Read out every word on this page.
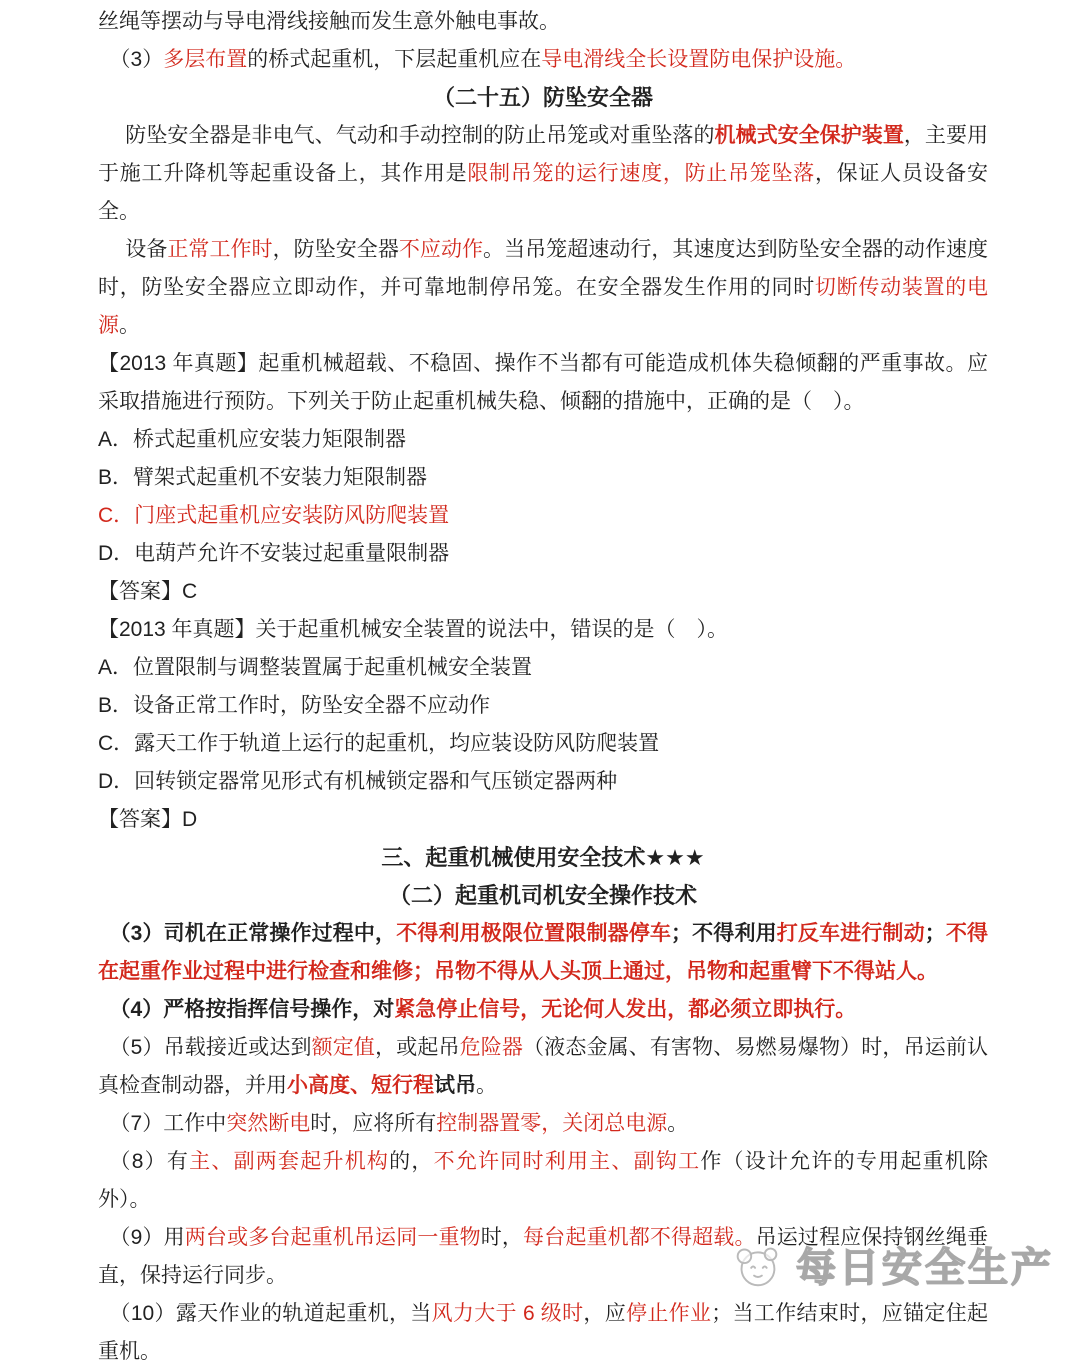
丝绳等摆动与导电滑线接触而发生意外触电事故。
（3）多层布置的桥式起重机，下层起重机应在导电滑线全长设置防电保护设施。
（二十五）防坠安全器
防坠安全器是非电气、气动和手动控制的防止吊笼或对重坠落的机械式安全保护装置，主要用于施工升降机等起重设备上，其作用是限制吊笼的运行速度，防止吊笼坠落，保证人员设备安全。
设备正常工作时，防坠安全器不应动作。当吊笼超速动行，其速度达到防坠安全器的动作速度时，防坠安全器应立即动作，并可靠地制停吊笼。在安全器发生作用的同时切断传动装置的电源。
【2013 年真题】起重机械超载、不稳固、操作不当都有可能造成机体失稳倾翻的严重事故。应采取措施进行预防。下列关于防止起重机械失稳、倾翻的措施中，正确的是（　）。
A．桥式起重机应安装力矩限制器
B．臂架式起重机不安装力矩限制器
C．门座式起重机应安装防风防爬装置
D．电葫芦允许不安装过起重量限制器
【答案】C
【2013 年真题】关于起重机械安全装置的说法中，错误的是（　）。
A．位置限制与调整装置属于起重机械安全装置
B．设备正常工作时，防坠安全器不应动作
C．露天工作于轨道上运行的起重机，均应装设防风防爬装置
D．回转锁定器常见形式有机械锁定器和气压锁定器两种
【答案】D
三、起重机械使用安全技术★★★
（二）起重机司机安全操作技术
（3）司机在正常操作过程中，不得利用极限位置限制器停车；不得利用打反车进行制动；不得在起重作业过程中进行检查和维修；吊物不得从人头顶上通过，吊物和起重臂下不得站人。
（4）严格按指挥信号操作，对紧急停止信号，无论何人发出，都必须立即执行。
（5）吊载接近或达到额定值，或起吊危险器（液态金属、有害物、易燃易爆物）时，吊运前认真检查制动器，并用小高度、短行程试吊。
（7）工作中突然断电时，应将所有控制器置零，关闭总电源。
（8）有主、副两套起升机构的，不允许同时利用主、副钩工作（设计允许的专用起重机除外）。
（9）用两台或多台起重机吊运同一重物时，每台起重机都不得超载。吊运过程应保持钢丝绳垂直，保持运行同步。
（10）露天作业的轨道起重机，当风力大于 6 级时，应停止作业；当工作结束时，应锚定住起重机。
每日安全生产
